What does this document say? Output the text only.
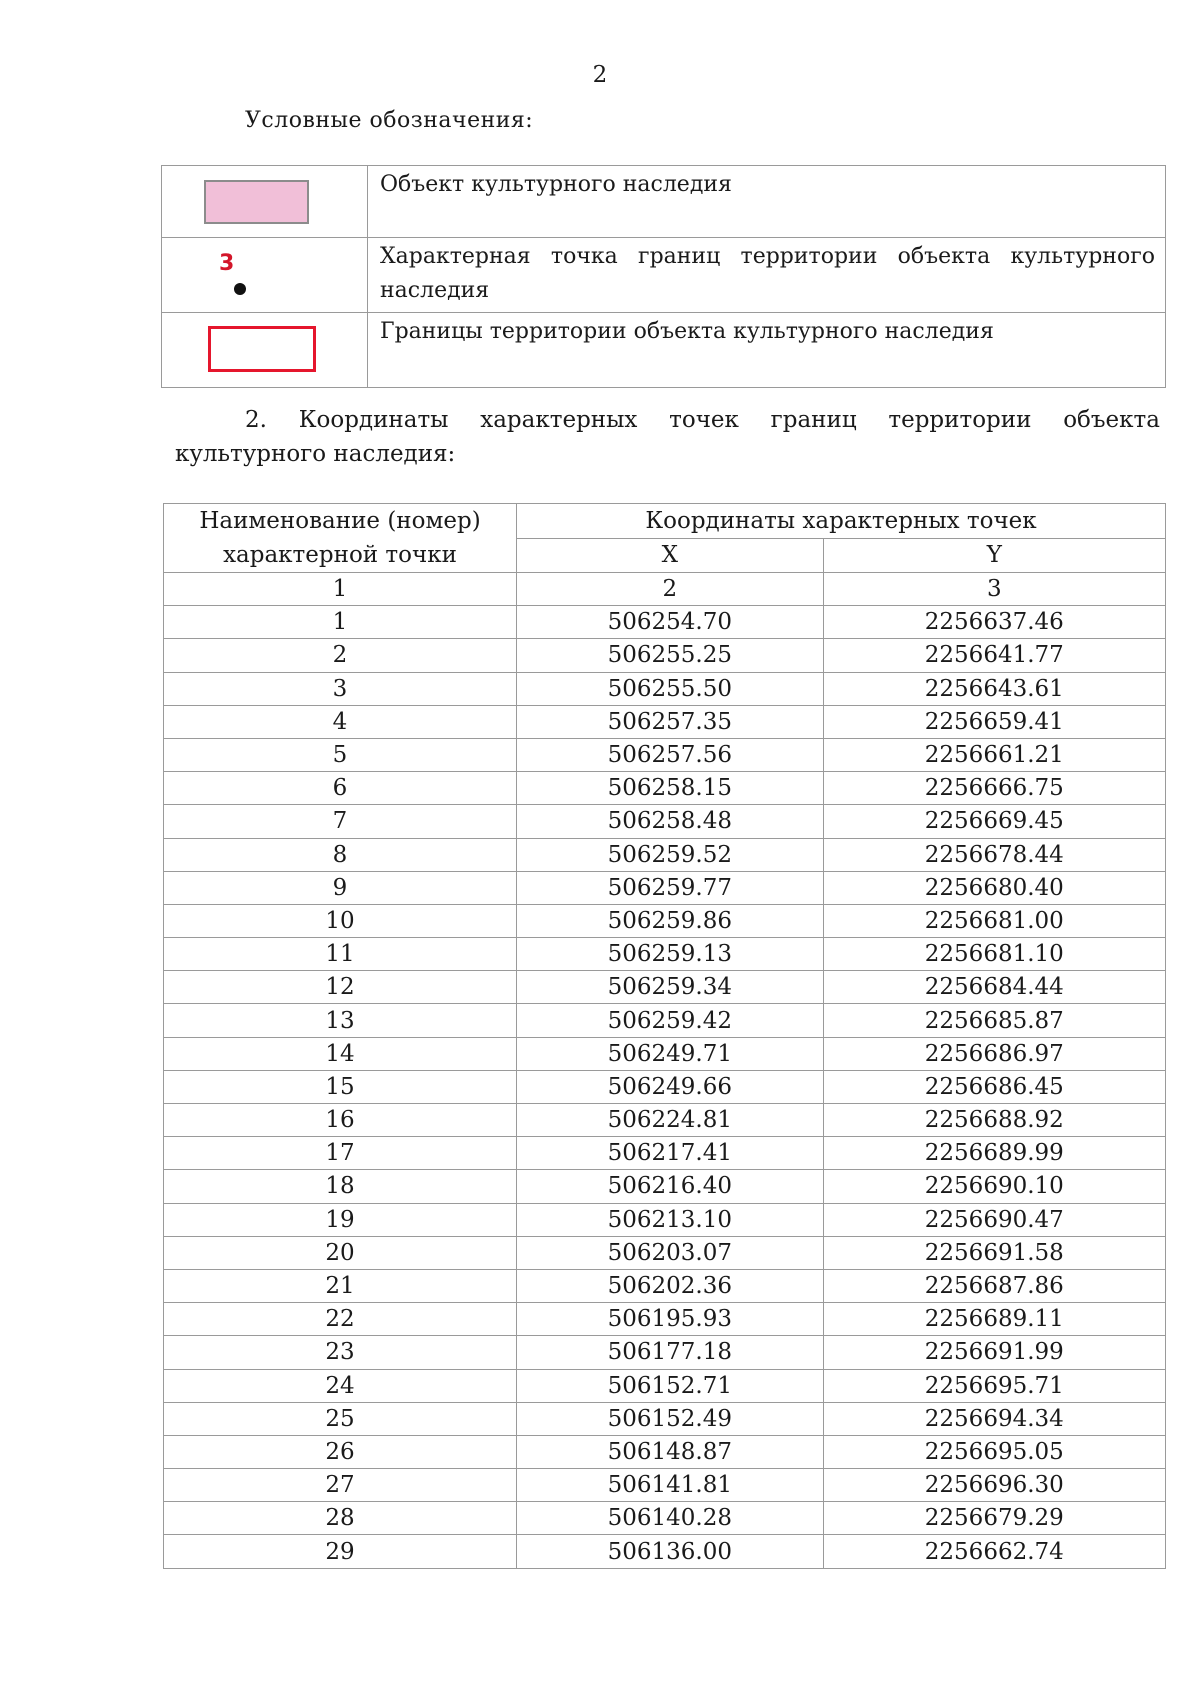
2
Условные обозначения:
	Объект культурного наследия

3	Характерная точка границ территории объекта культурного наследия

	Границы территории объекта культурного наследия
2. Координаты характерных точек границ территории объекта
культурного наследия:
Наименование (номер) характерной точки	Координаты характерных точек	
	X	Y
1	2	3
1	506254.70	2256637.46
2	506255.25	2256641.77
3	506255.50	2256643.61
4	506257.35	2256659.41
5	506257.56	2256661.21
6	506258.15	2256666.75
7	506258.48	2256669.45
8	506259.52	2256678.44
9	506259.77	2256680.40
10	506259.86	2256681.00
11	506259.13	2256681.10
12	506259.34	2256684.44
13	506259.42	2256685.87
14	506249.71	2256686.97
15	506249.66	2256686.45
16	506224.81	2256688.92
17	506217.41	2256689.99
18	506216.40	2256690.10
19	506213.10	2256690.47
20	506203.07	2256691.58
21	506202.36	2256687.86
22	506195.93	2256689.11
23	506177.18	2256691.99
24	506152.71	2256695.71
25	506152.49	2256694.34
26	506148.87	2256695.05
27	506141.81	2256696.30
28	506140.28	2256679.29
29	506136.00	2256662.74
